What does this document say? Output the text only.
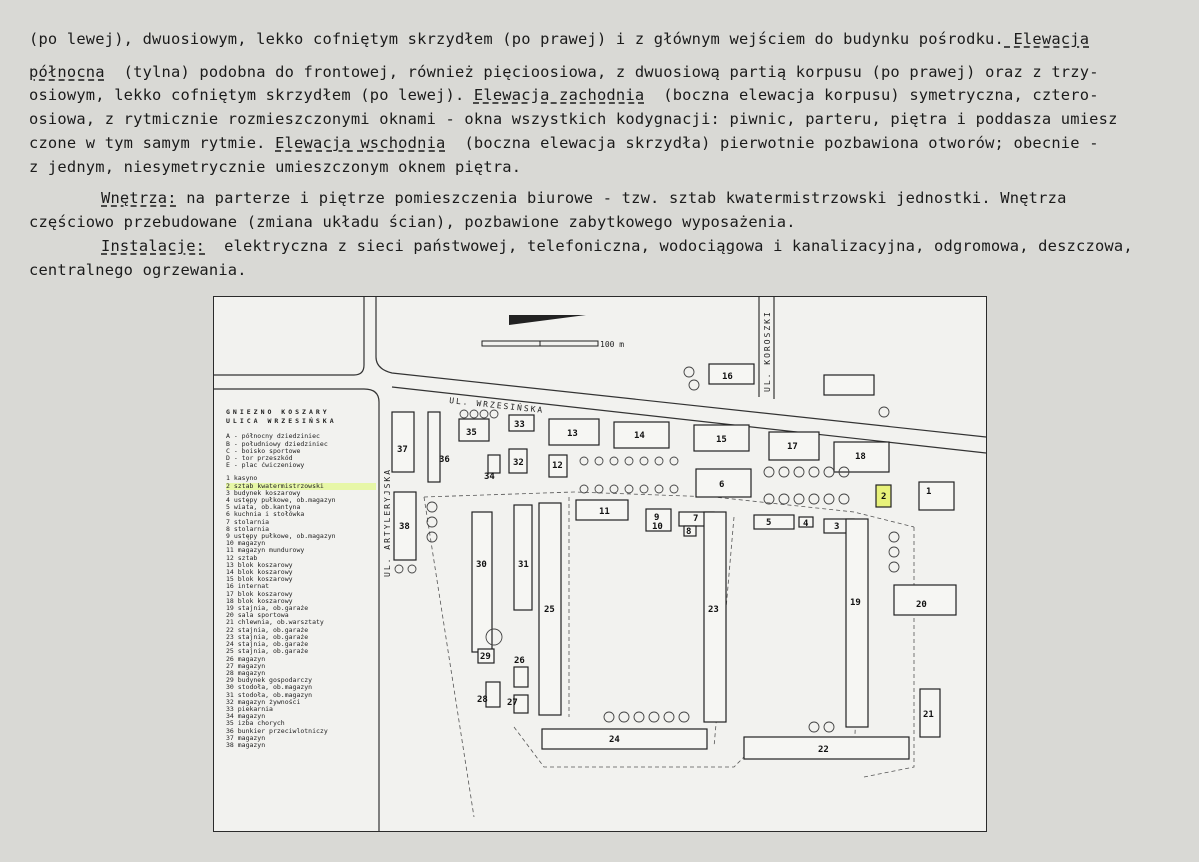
(po lewej), dwuosiowym, lekko cofniętym skrzydłem (po prawej) i z głównym wejściem do budynku pośrodku. Elewacja
północna  (tylna) podobna do frontowej, również pięcioosiowa, z dwuosiową partią korpusu (po prawej) oraz z trzy-
osiowym, lekko cofniętym skrzydłem (po lewej). Elewacja zachodnia  (boczna elewacja korpusu) symetryczna, cztero-
osiowa, z rytmicznie rozmieszczonymi oknami - okna wszystkich kodygnacji: piwnic, parteru, piętra i poddasza umiesz
czone w tym samym rytmie. Elewacja wschodnia  (boczna elewacja skrzydła) pierwotnie pozbawiona otworów; obecnie -
z jednym, niesymetrycznie umieszczonym oknem piętra.
Wnętrza: na parterze i piętrze pomieszczenia biurowe - tzw. sztab kwatermistrzowski jednostki. Wnętrza
częściowo przebudowane (zmiana układu ścian), pozbawione zabytkowego wyposażenia.
Instalacje:  elektryczna z sieci państwowej, telefoniczna, wodociągowa i kanalizacyjna, odgromowa, deszczowa,
centralnego ogrzewania.
100 m
UL. WRZESIŃSKA
UL. KOROSZKI
UL. ARTYLERYJSKA
16
37
36
35
33
13	14	15
17
18
1
32	12
34
6
11
9
10
7
8
5	4	3
2
38
30	31
25	23
19	20
21
24
22
29	26
28 27
GNIEZNO KOSZARY
ULICA WRZESIŃSKA
A - północny dziedziniec
B - południowy dziedziniec
C - boisko sportowe
D - tor przeszkód
E - plac ćwiczeniowy
1 kasyno
2 sztab kwatermistrzowski
3 budynek koszarowy
4 ustępy pułkowe, ob.magazyn
5 wiata, ob.kantyna
6 kuchnia i stołówka
7 stolarnia
8 stolarnia
9 ustępy pułkowe, ob.magazyn
10 magazyn
11 magazyn mundurowy
12 sztab
13 blok koszarowy
14 blok koszarowy
15 blok koszarowy
16 internat
17 blok koszarowy
18 blok koszarowy
19 stajnia, ob.garaże
20 sala sportowa
21 chlewnia, ob.warsztaty
22 stajnia, ob.garaże
23 stajnia, ob.garaże
24 stajnia, ob.garaże
25 stajnia, ob.garaże
26 magazyn
27 magazyn
28 magazyn
29 budynek gospodarczy
30 stodoła, ob.magazyn
31 stodoła, ob.magazyn
32 magazyn żywności
33 piekarnia
34 magazyn
35 izba chorych
36 bunkier przeciwlotniczy
37 magazyn
38 magazyn
